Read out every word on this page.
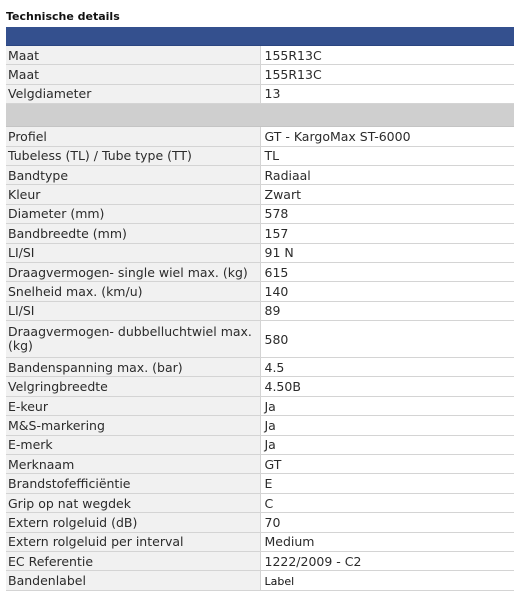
Technische details

Maat	155R13C
Maat	155R13C
Velgdiameter	13

Profiel	GT - KargoMax ST-6000
Tubeless (TL) / Tube type (TT)	TL
Bandtype	Radiaal
Kleur	Zwart
Diameter (mm)	578
Bandbreedte (mm)	157
LI/SI	91 N
Draagvermogen- single wiel max. (kg)	615
Snelheid max. (km/u)	140
LI/SI	89
Draagvermogen- dubbelluchtwiel max. (kg)	580
Bandenspanning max. (bar)	4.5
Velgringbreedte	4.50B
E-keur	Ja
M&S-markering	Ja
E-merk	Ja
Merknaam	GT
Brandstofefficiëntie	E
Grip op nat wegdek	C
Extern rolgeluid (dB)	70
Extern rolgeluid per interval	Medium
EC Referentie	1222/2009 - C2
Bandenlabel	Label
